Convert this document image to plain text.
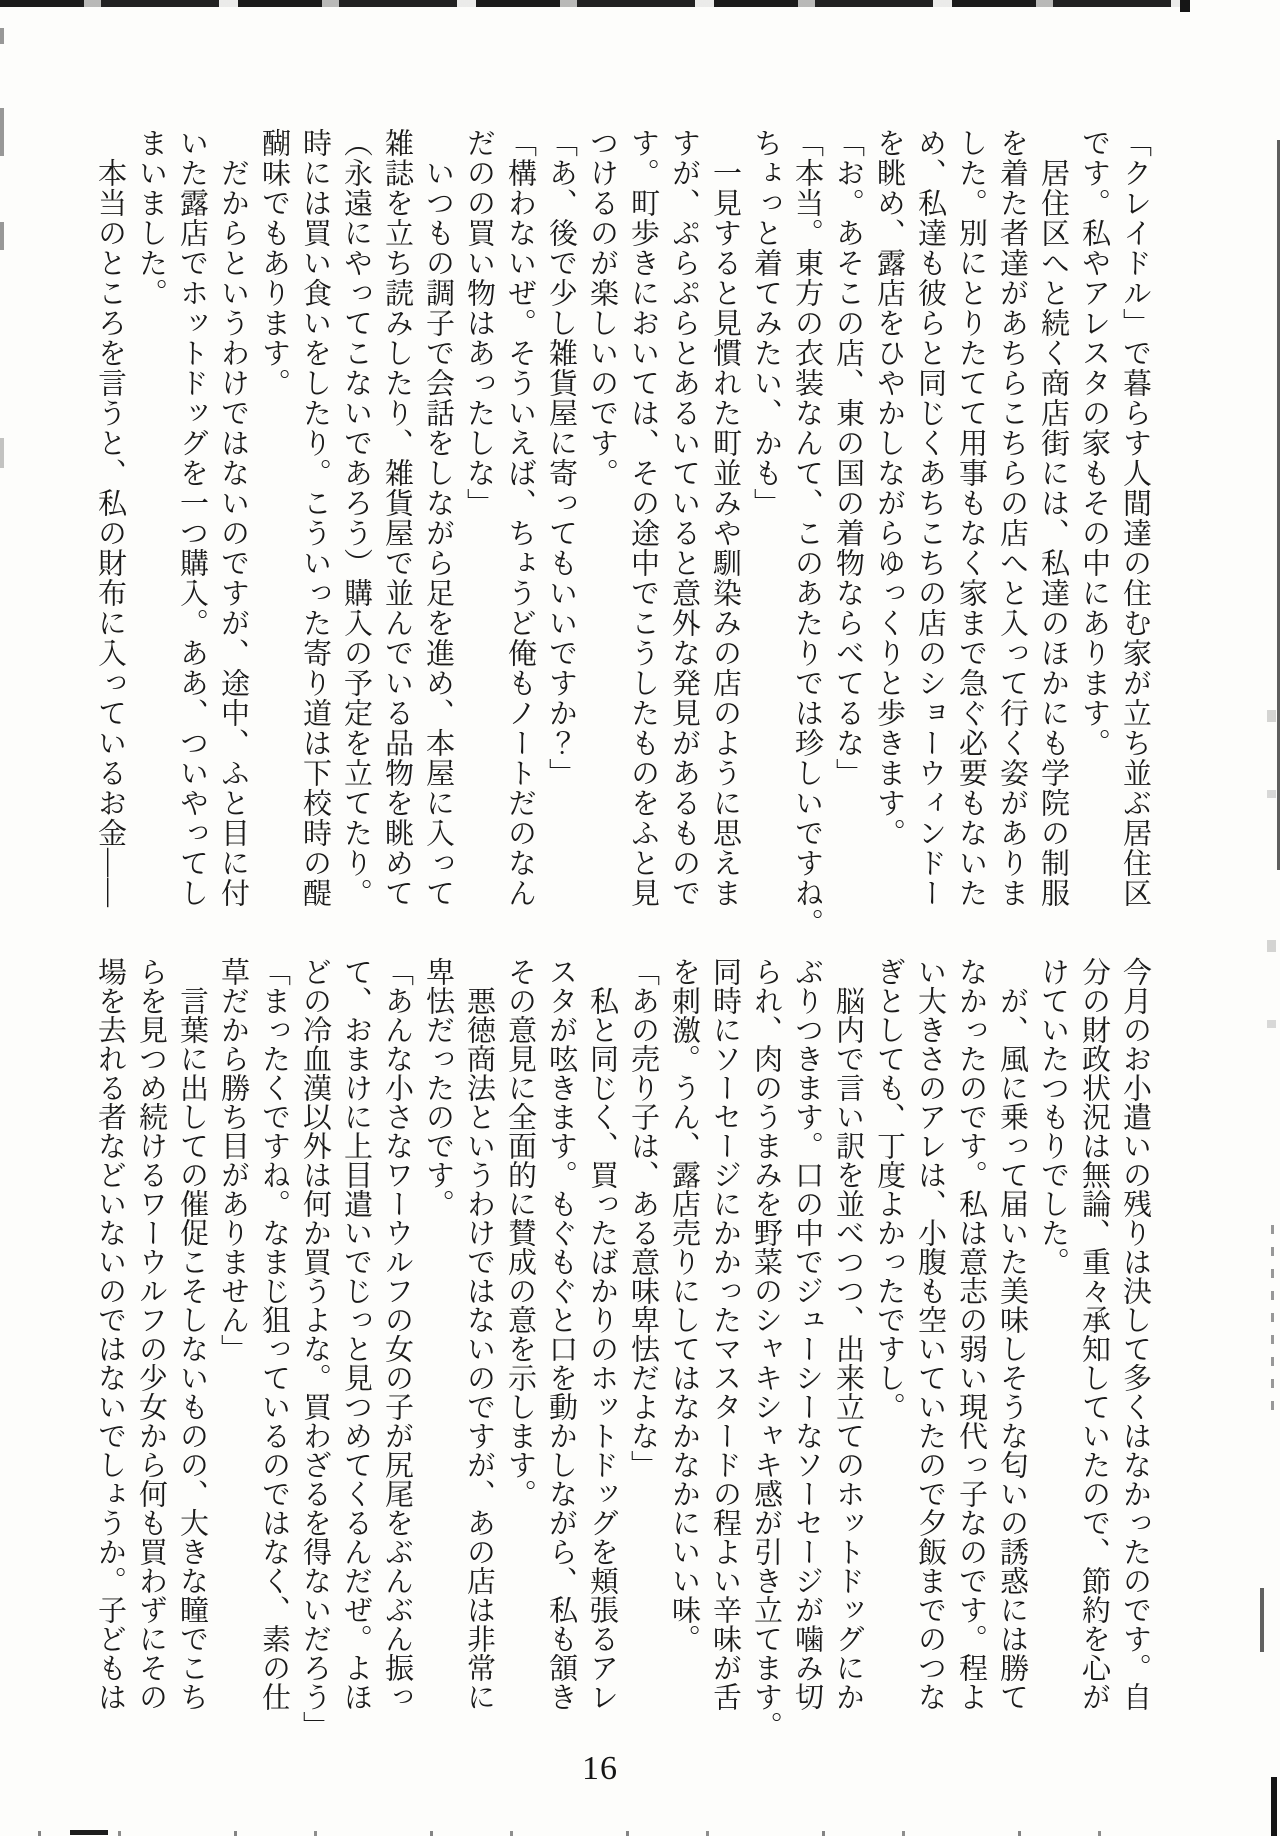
「クレイドル」で暮らす人間達の住む家が立ち並ぶ居住区
です。私やアレスタの家もその中にあります。
　居住区へと続く商店街には、私達のほかにも学院の制服
を着た者達があちらこちらの店へと入って行く姿がありま
した。別にとりたてて用事もなく家まで急ぐ必要もないた
め、私達も彼らと同じくあちこちの店のショーウィンドー
を眺め、露店をひやかしながらゆっくりと歩きます。
「お。あそこの店、東の国の着物ならべてるな」
「本当。東方の衣装なんて、このあたりでは珍しいですね。
ちょっと着てみたい、かも」
　一見すると見慣れた町並みや馴染みの店のように思えま
すが、ぷらぷらとあるいていると意外な発見があるもので
す。町歩きにおいては、その途中でこうしたものをふと見
つけるのが楽しいのです。
「あ、後で少し雑貨屋に寄ってもいいですか？」
「構わないぜ。そういえば、ちょうど俺もノートだのなん
だのの買い物はあったしな」
　いつもの調子で会話をしながら足を進め、本屋に入って
雑誌を立ち読みしたり、雑貨屋で並んでいる品物を眺めて
（永遠にやってこないであろう）購入の予定を立てたり。
時には買い食いをしたり。こういった寄り道は下校時の醍
醐味でもあります。
　だからというわけではないのですが、途中、ふと目に付
いた露店でホットドッグを一つ購入。ああ、ついやってし
まいました。
　本当のところを言うと、私の財布に入っているお金――
今月のお小遣いの残りは決して多くはなかったのです。自
分の財政状況は無論、重々承知していたので、節約を心が
けていたつもりでした。
　が、風に乗って届いた美味しそうな匂いの誘惑には勝て
なかったのです。私は意志の弱い現代っ子なのです。程よ
い大きさのアレは、小腹も空いていたので夕飯までのつな
ぎとしても、丁度よかったですし。
　脳内で言い訳を並べつつ、出来立てのホットドッグにか
ぶりつきます。口の中でジューシーなソーセージが噛み切
られ、肉のうまみを野菜のシャキシャキ感が引き立てます。
同時にソーセージにかかったマスタードの程よい辛味が舌
を刺激。うん、露店売りにしてはなかなかにいい味。
「あの売り子は、ある意味卑怯だよな」
　私と同じく、買ったばかりのホットドッグを頬張るアレ
スタが呟きます。もぐもぐと口を動かしながら、私も頷き
その意見に全面的に賛成の意を示します。
　悪徳商法というわけではないのですが、あの店は非常に
卑怯だったのです。
「あんな小さなワーウルフの女の子が尻尾をぶんぶん振っ
て、おまけに上目遣いでじっと見つめてくるんだぜ。よほ
どの冷血漢以外は何か買うよな。買わざるを得ないだろう」
「まったくですね。なまじ狙っているのではなく、素の仕
草だから勝ち目がありません」
　言葉に出しての催促こそしないものの、大きな瞳でこち
らを見つめ続けるワーウルフの少女から何も買わずにその
場を去れる者などいないのではないでしょうか。子どもは
16
